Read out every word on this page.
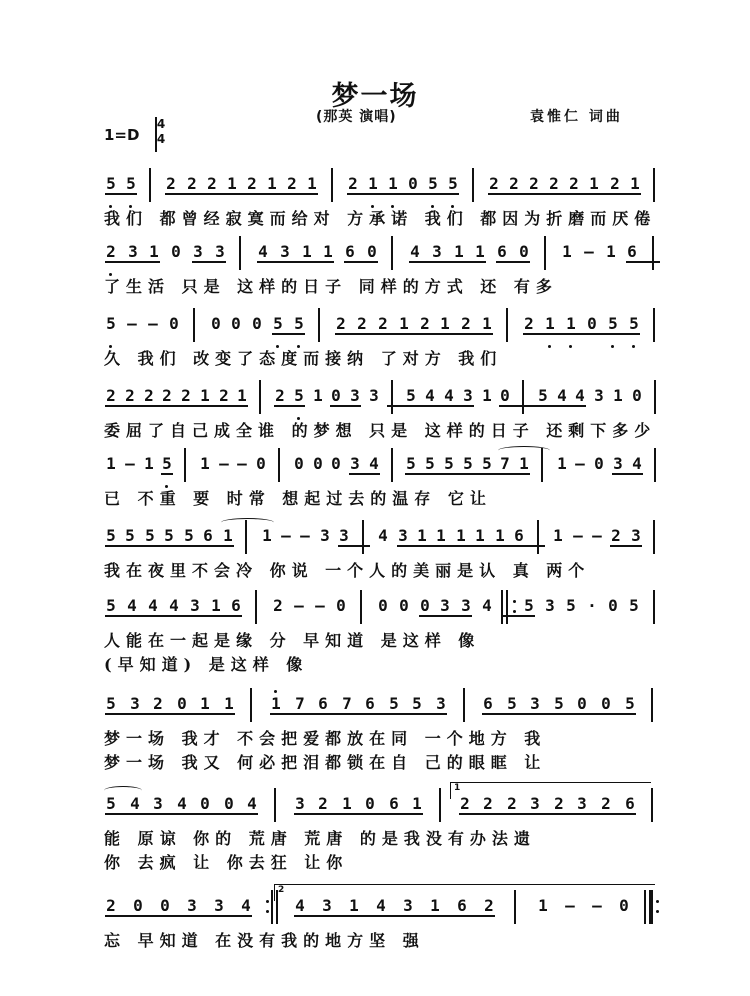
梦一场
(那英 演唱)	袁惟仁 词曲
1=D
4
4
5 5 2 2 2 1 2 1 2 1 2 1 1 0 5 5 2 2 2 2 2 1 2 1
我们 都曾经寂寞而给对 方承诺 我们 都因为折磨而厌倦
2 3 1 0 3 3 4 3 1 1 6 0 4 3 1 1 6 0 1 – 1 6
了生活 只是 这样的日子 同样的方式 还 有多
5 – – 0 0 0 0 5 5 2 2 2 1 2 1 2 1 2 1 1 0 5 5
久 我们 改变了态度而接纳 了对方 我们
2 2 2 2 2 1 2 1 2 5 1 0 3 3 5 4 4 3 1 0 5 4 4 3 1 0
委屈了自己成全谁 的梦想 只是 这样的日子 还剩下多少
1 – 1 5 1 – – 0 0 0 0 3 4 5 5 5 5 5 7 1 1 – 0 3 4
已 不重 要 时常 想起过去的温存 它让
5 5 5 5 5 6 1 1 – – 3 3 4 3 1 1 1 1 1 6 1 – – 2 3
我在夜里不会冷 你说 一个人的美丽是认 真 两个
5 4 4 4 3 1 6 2 – – 0 0 0 0 3 3 4 5 3 5 · 0 5
人能在一起是缘 分 早知道 是这样 像
(早知道) 是这样 像
5 3 2 0 1 1 1 7 6 7 6 5 5 3 6 5 3 5 0 0 5
梦一场 我才 不会把爱都放在同 一个地方 我
梦一场 我又 何必把泪都锁在自 己的眼眶 让
5 4 3 4 0 0 4 3 2 1 0 6 1 2 2 2 3 2 3 2 6
能 原谅 你的 荒唐 荒唐 的是我没有办法遗
你 去疯 让 你去狂 让你
2 0 0 3 3 4	4 3 1 4 3 1 6 2	1 – – 0
忘 早知道 在没有我的地方坚 强
1
2
